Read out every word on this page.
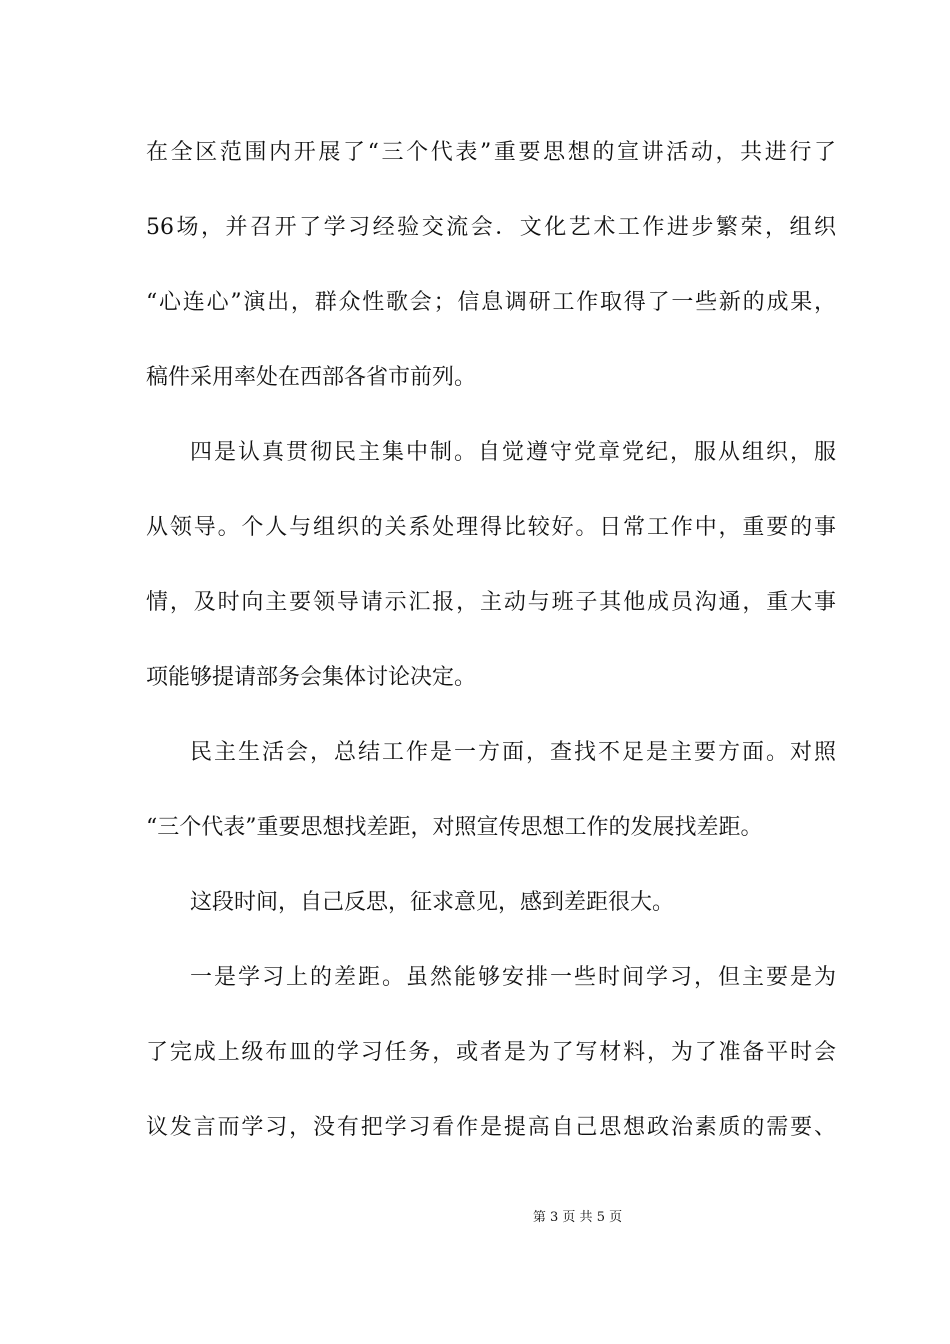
在全区范围内开展了“三个代表”重要思想的宣讲活动，共进行了
56场，并召开了学习经验交流会．文化艺术工作进步繁荣，组织
“心连心”演出，群众性歌会；信息调研工作取得了一些新的成果，
稿件采用率处在西部各省市前列。
四是认真贯彻民主集中制。自觉遵守党章党纪，服从组织，服
从领导。个人与组织的关系处理得比较好。日常工作中，重要的事
情，及时向主要领导请示汇报，主动与班子其他成员沟通，重大事
项能够提请部务会集体讨论决定。
民主生活会，总结工作是一方面，查找不足是主要方面。对照
“三个代表”重要思想找差距，对照宣传思想工作的发展找差距。
这段时间，自己反思，征求意见，感到差距很大。
一是学习上的差距。虽然能够安排一些时间学习，但主要是为
了完成上级布皿的学习任务，或者是为了写材料，为了准备平时会
议发言而学习，没有把学习看作是提高自己思想政治素质的需要、
第 3 页 共 5 页
